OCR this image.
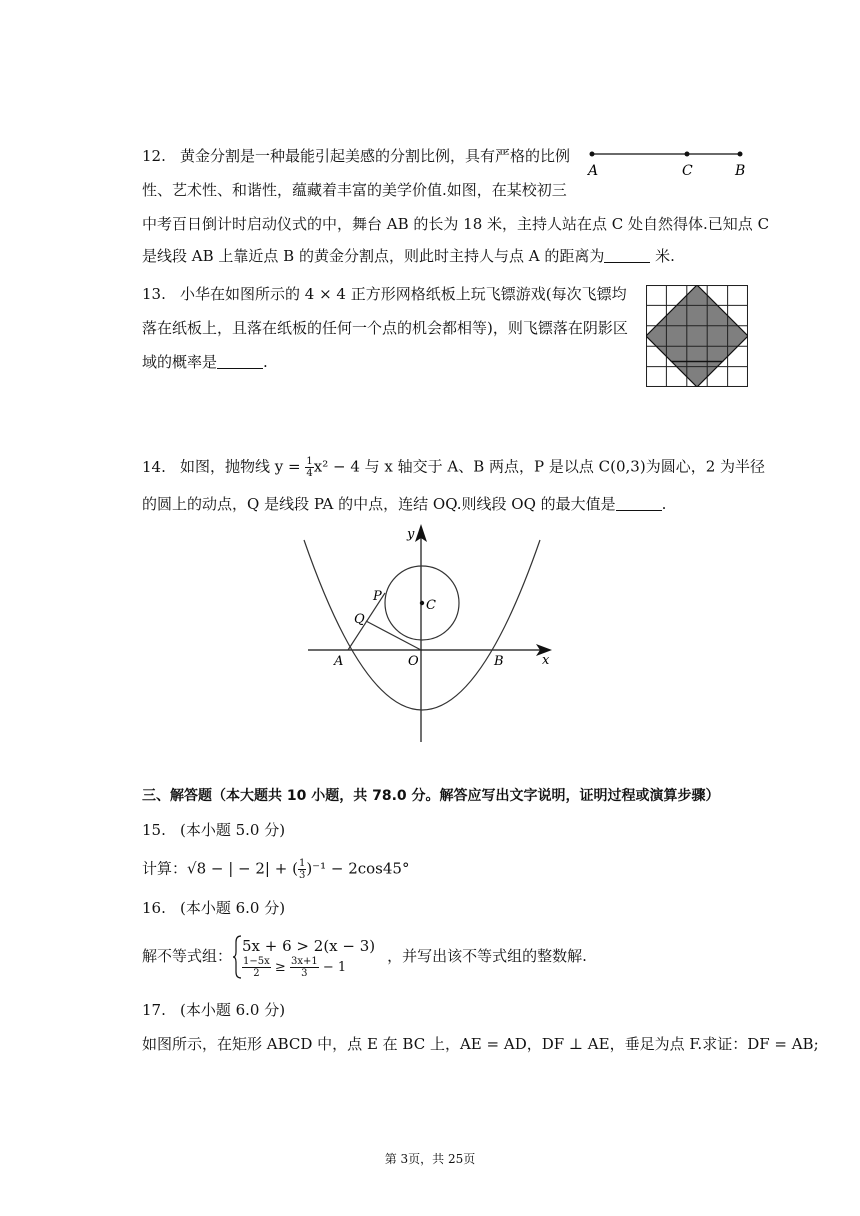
12. 黄金分割是一种最能引起美感的分割比例，具有严格的比例
性、艺术性、和谐性，蕴藏着丰富的美学价值.如图，在某校初三
中考百日倒计时启动仪式的中，舞台 AB 的长为 18 米，主持人站在点 C 处自然得体.已知点 C
是线段 AB 上靠近点 B 的黄金分割点，则此时主持人与点 A 的距离为	米.
A	C	B
13. 小华在如图所示的 4 × 4 正方形网格纸板上玩飞镖游戏(每次飞镖均
落在纸板上，且落在纸板的任何一个点的机会都相等)，则飞镖落在阴影区
域的概率是	.
14. 如图，抛物线 $y = \frac{1}{4} x^2 - 4$ 与 x 轴交于 A、B 两点，P 是以点 C(0,3)为圆心，2 为半径
的圆上的动点，Q 是线段 PA 的中点，连结 OQ.则线段 OQ 的最大值是	.
P
Q
C
A	O	B	x
y
三、解答题（本大题共 10 小题，共 78.0 分。解答应写出文字说明，证明过程或演算步骤）
15. (本小题 5.0 分)
计算：√8 − | − 2| + ( $\frac{1}{3} )^{-1} - 2\cos 45^\circ$
16. (本小题 6.0 分)
解不等式组：
5x + 6 > 2(x − 3)
$\frac{1-5x}{2} \ge \frac{3x+1}{3} - 1$
，并写出该不等式组的整数解.
17. (本小题 6.0 分)
如图所示，在矩形 ABCD 中，点 E 在 BC 上，AE = AD，DF ⊥ AE，垂足为点 F.求证：DF = AB;
第 3页，共 25页
